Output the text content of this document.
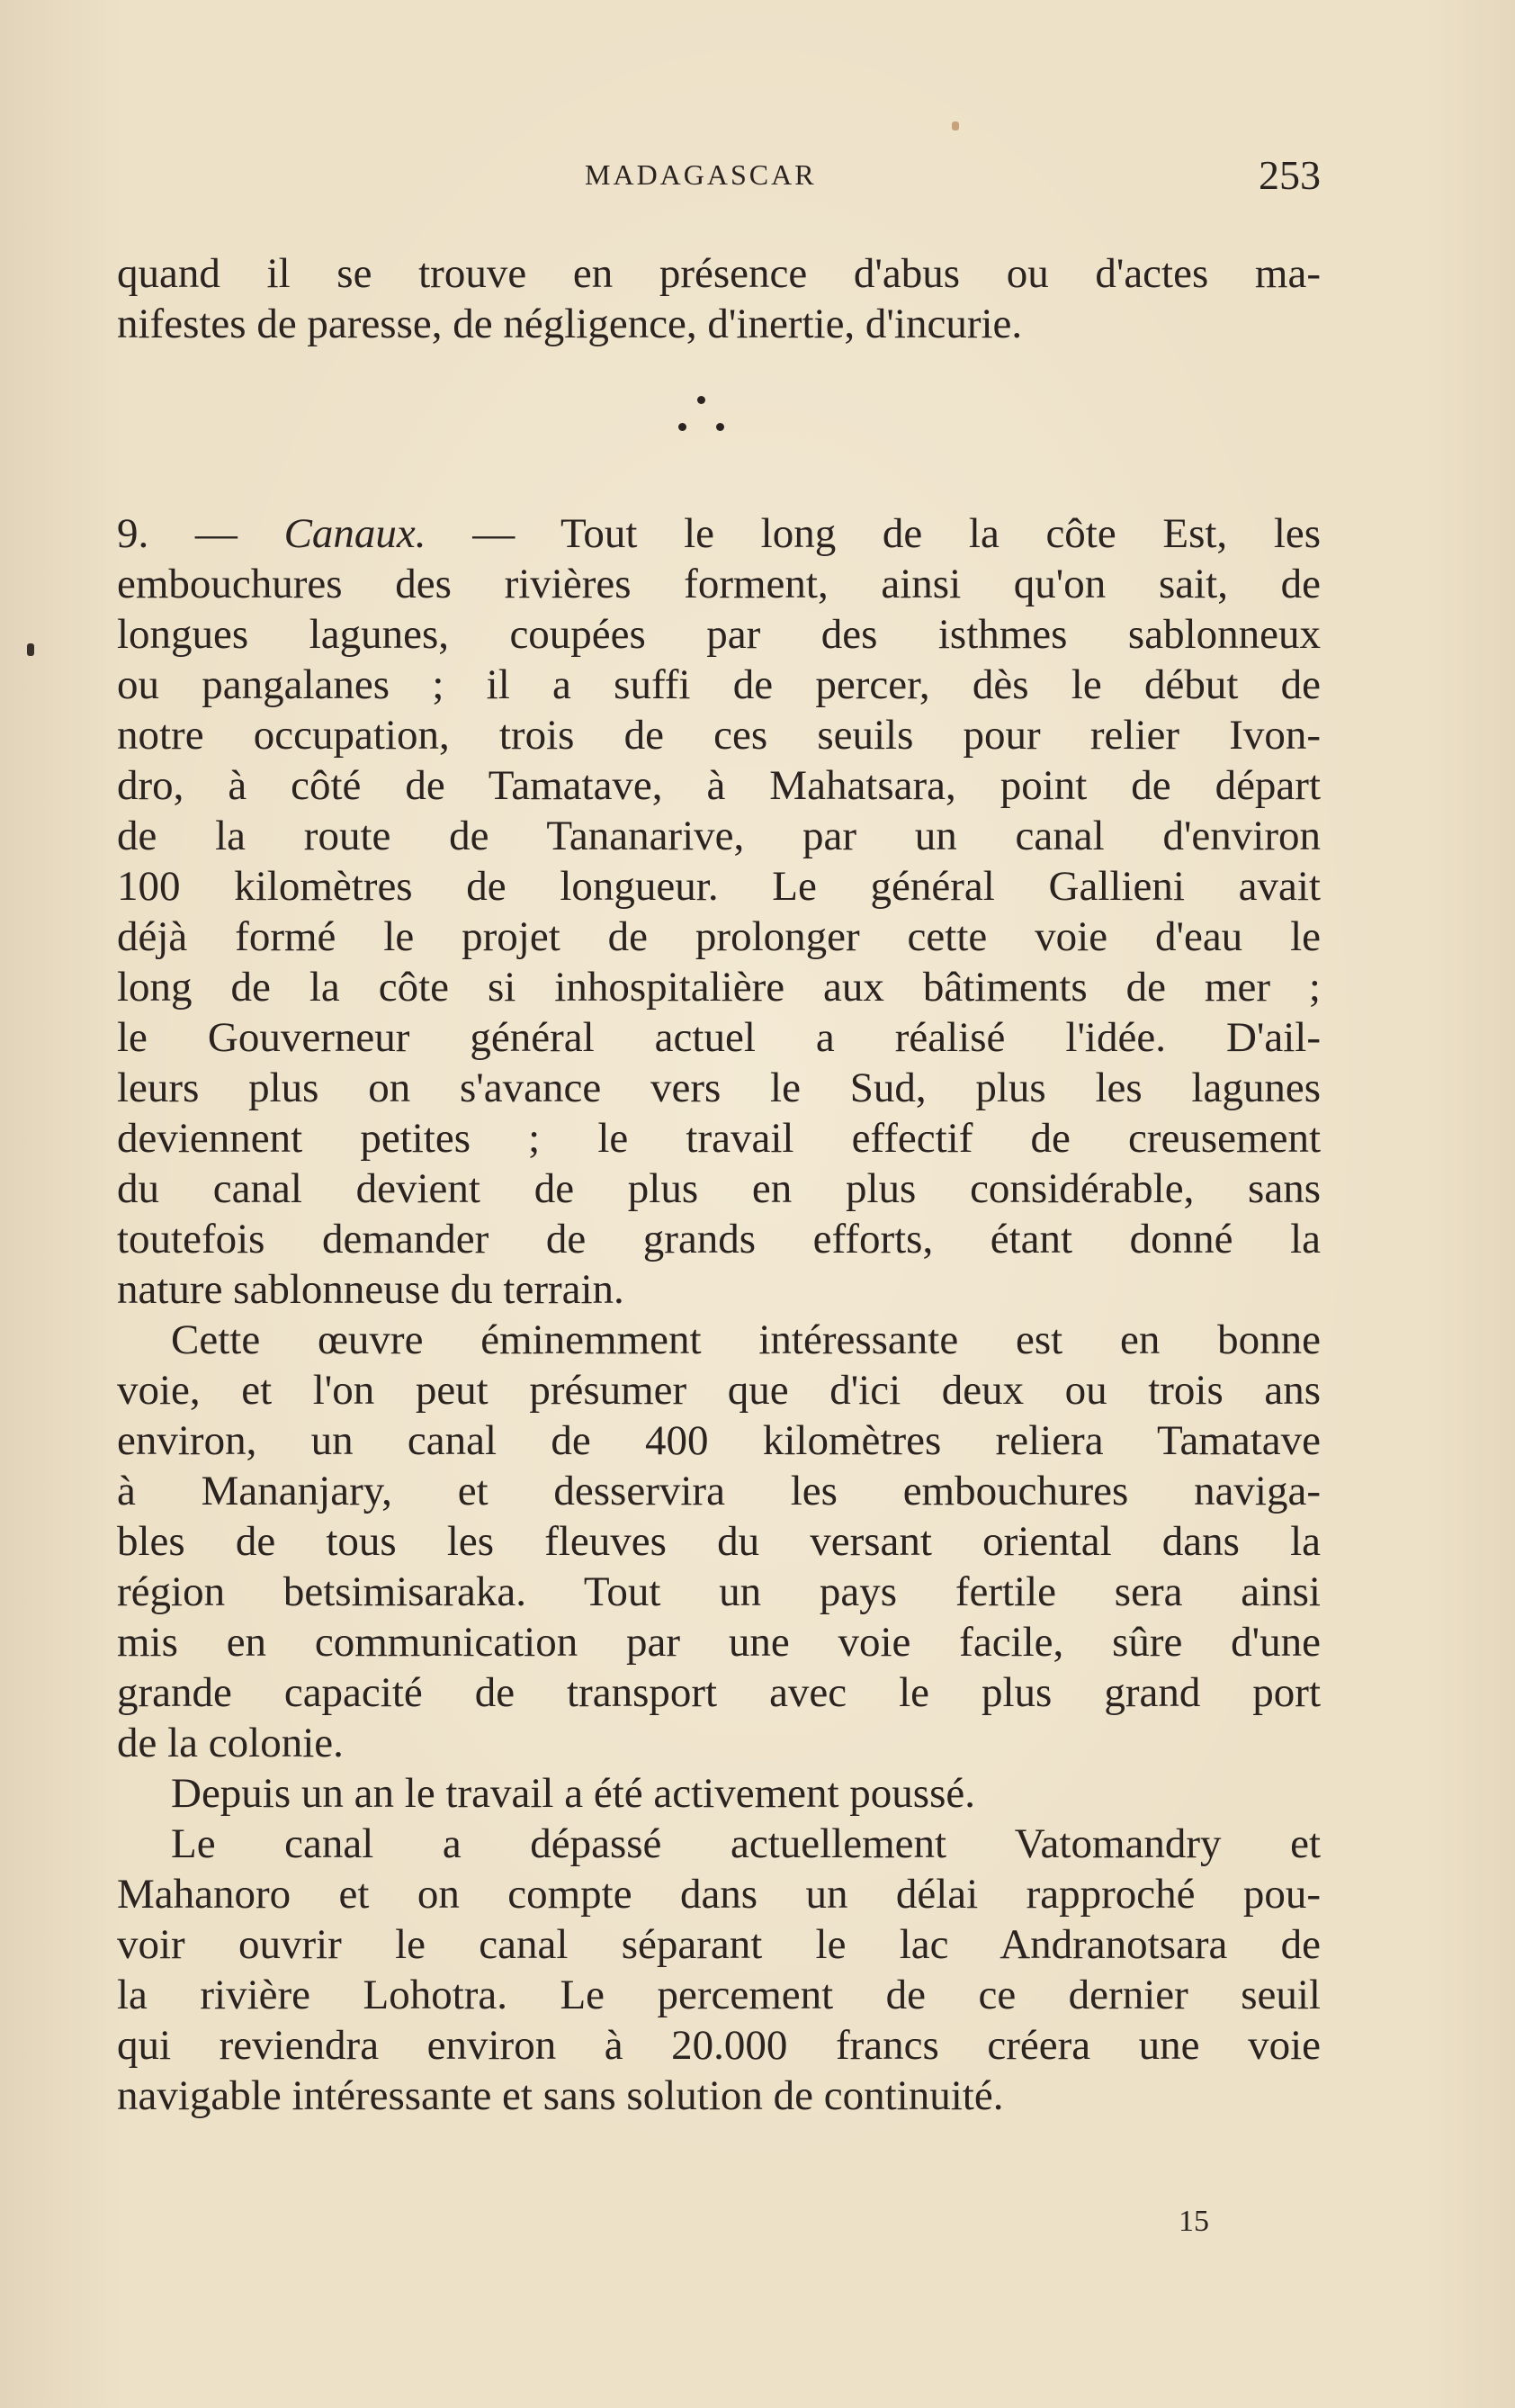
MADAGASCAR	253
quand il se trouve en présence d'abus ou d'actes ma-
nifestes de paresse, de négligence, d'inertie, d'incurie.
9. — Canaux. — Tout le long de la côte Est, les
embouchures des rivières forment, ainsi qu'on sait, de
longues lagunes, coupées par des isthmes sablonneux
ou pangalanes ; il a suffi de percer, dès le début de
notre occupation, trois de ces seuils pour relier Ivon-
dro, à côté de Tamatave, à Mahatsara, point de départ
de la route de Tananarive, par un canal d'environ
100 kilomètres de longueur. Le général Gallieni avait
déjà formé le projet de prolonger cette voie d'eau le
long de la côte si inhospitalière aux bâtiments de mer ;
le Gouverneur général actuel a réalisé l'idée. D'ail-
leurs plus on s'avance vers le Sud, plus les lagunes
deviennent petites ; le travail effectif de creusement
du canal devient de plus en plus considérable, sans
toutefois demander de grands efforts, étant donné la
nature sablonneuse du terrain.
Cette œuvre éminemment intéressante est en bonne
voie, et l'on peut présumer que d'ici deux ou trois ans
environ, un canal de 400 kilomètres reliera Tamatave
à Mananjary, et desservira les embouchures naviga-
bles de tous les fleuves du versant oriental dans la
région betsimisaraka. Tout un pays fertile sera ainsi
mis en communication par une voie facile, sûre d'une
grande capacité de transport avec le plus grand port
de la colonie.
Depuis un an le travail a été activement poussé.
Le canal a dépassé actuellement Vatomandry et
Mahanoro et on compte dans un délai rapproché pou-
voir ouvrir le canal séparant le lac Andranotsara de
la rivière Lohotra. Le percement de ce dernier seuil
qui reviendra environ à 20.000 francs créera une voie
navigable intéressante et sans solution de continuité.
15
